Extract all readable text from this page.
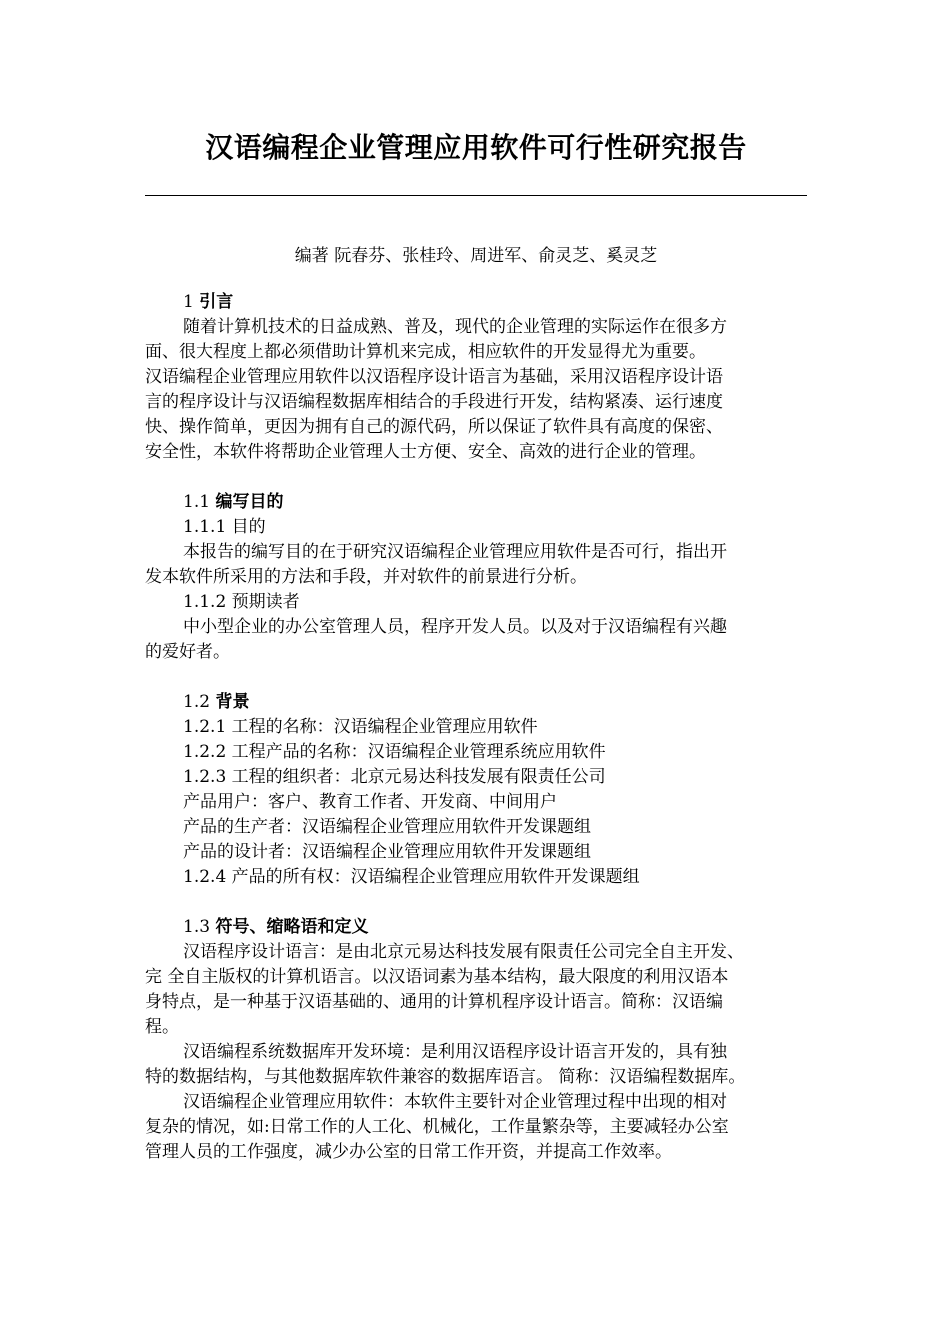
汉语编程企业管理应用软件可行性研究报告
编著 阮春芬、张桂玲、周进军、俞灵芝、奚灵芝
1 引言
随着计算机技术的日益成熟、普及，现代的企业管理的实际运作在很多方
面、很大程度上都必须借助计算机来完成，相应软件的开发显得尤为重要。
汉语编程企业管理应用软件以汉语程序设计语言为基础，采用汉语程序设计语
言的程序设计与汉语编程数据库相结合的手段进行开发，结构紧凑、运行速度
快、操作简单，更因为拥有自己的源代码，所以保证了软件具有高度的保密、
安全性，本软件将帮助企业管理人士方便、安全、高效的进行企业的管理。
1.1 编写目的
1.1.1 目的
本报告的编写目的在于研究汉语编程企业管理应用软件是否可行，指出开
发本软件所采用的方法和手段，并对软件的前景进行分析。
1.1.2 预期读者
中小型企业的办公室管理人员，程序开发人员。以及对于汉语编程有兴趣
的爱好者。
1.2 背景
1.2.1 工程的名称：汉语编程企业管理应用软件
1.2.2 工程产品的名称：汉语编程企业管理系统应用软件
1.2.3 工程的组织者：北京元易达科技发展有限责任公司
产品用户：客户、教育工作者、开发商、中间用户
产品的生产者：汉语编程企业管理应用软件开发课题组
产品的设计者：汉语编程企业管理应用软件开发课题组
1.2.4 产品的所有权：汉语编程企业管理应用软件开发课题组
1.3 符号、缩略语和定义
汉语程序设计语言：是由北京元易达科技发展有限责任公司完全自主开发、
完 全自主版权的计算机语言。以汉语词素为基本结构，最大限度的利用汉语本
身特点，是一种基于汉语基础的、通用的计算机程序设计语言。简称：汉语编
程。
汉语编程系统数据库开发环境：是利用汉语程序设计语言开发的，具有独
特的数据结构，与其他数据库软件兼容的数据库语言。 简称：汉语编程数据库。
汉语编程企业管理应用软件：本软件主要针对企业管理过程中出现的相对
复杂的情况，如:日常工作的人工化、机械化，工作量繁杂等，主要减轻办公室
管理人员的工作强度，减少办公室的日常工作开资，并提高工作效率。
